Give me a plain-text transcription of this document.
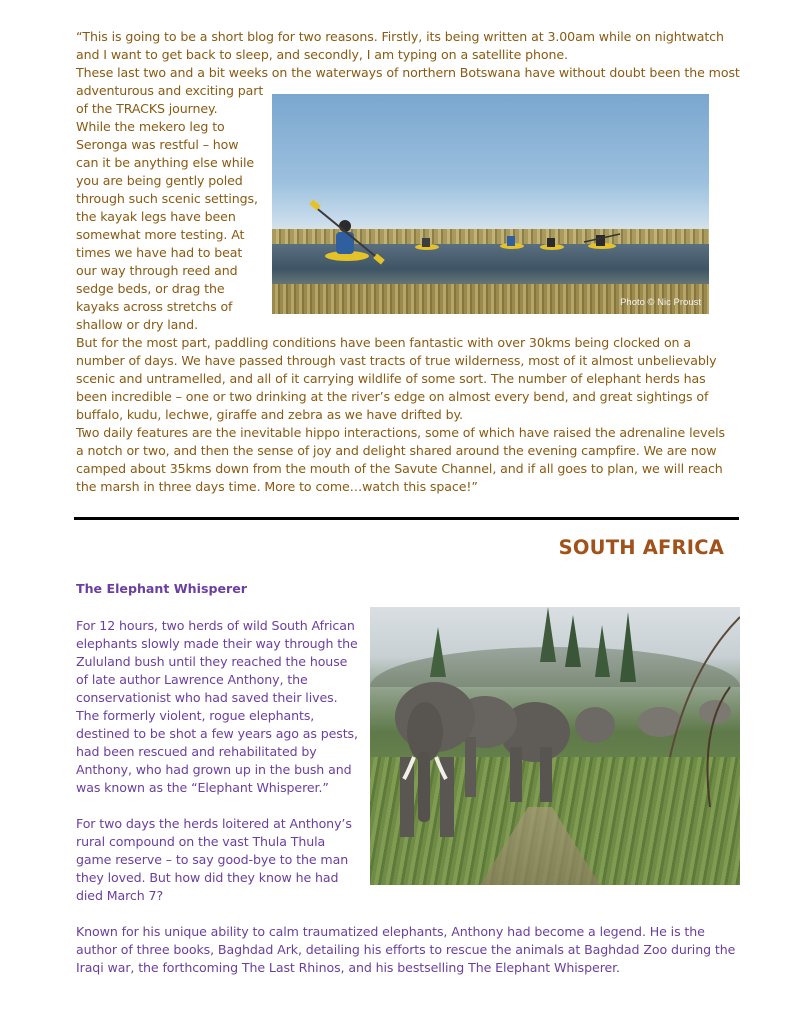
“This is going to be a short blog for two reasons. Firstly, its being written at 3.00am while on nightwatch
and I want to get back to sleep, and secondly, I am typing on a satellite phone.
These last two and a bit weeks on the waterways of northern Botswana have without doubt been the most
adventurous and exciting part
of the TRACKS journey.
While the mekero leg to
Seronga was restful – how
can it be anything else while
you are being gently poled
through such scenic settings,
the kayak legs have been
somewhat more testing. At
times we have had to beat
our way through reed and
sedge beds, or drag the
kayaks across stretchs of
shallow or dry land.
Photo © Nic Proust

But for the most part, paddling conditions have been fantastic with over 30kms being clocked on a number of days. We have passed through vast tracts of true wilderness, most of it almost unbelievably scenic and untramelled, and all of it carrying wildlife of some sort. The number of elephant herds has been incredible – one or two drinking at the river’s edge on almost every bend, and great sightings of buffalo, kudu, lechwe, giraffe and zebra as we have drifted by.

Two daily features are the inevitable hippo interactions, some of which have raised the adrenaline levels a notch or two, and then the sense of joy and delight shared around the evening campfire. We are now camped about 35kms down from the mouth of the Savute Channel, and if all goes to plan, we will reach the marsh in three days time. More to come…watch this space!”

SOUTH AFRICA
The Elephant Whisperer

For 12 hours, two herds of wild South African elephants slowly made their way through the Zululand bush until they reached the house of late author Lawrence Anthony, the conservationist who had saved their lives. The formerly violent, rogue elephants, destined to be shot a few years ago as pests, had been rescued and rehabilitated by Anthony, who had grown up in the bush and was known as the “Elephant Whisperer.”

For two days the herds loitered at Anthony’s rural compound on the vast Thula Thula game reserve – to say good-bye to the man they loved. But how did they know he had died March 7?

Known for his unique ability to calm traumatized elephants, Anthony had become a legend. He is the author of three books, Baghdad Ark, detailing his efforts to rescue the animals at Baghdad Zoo during the Iraqi war, the forthcoming The Last Rhinos, and his bestselling The Elephant Whisperer.
